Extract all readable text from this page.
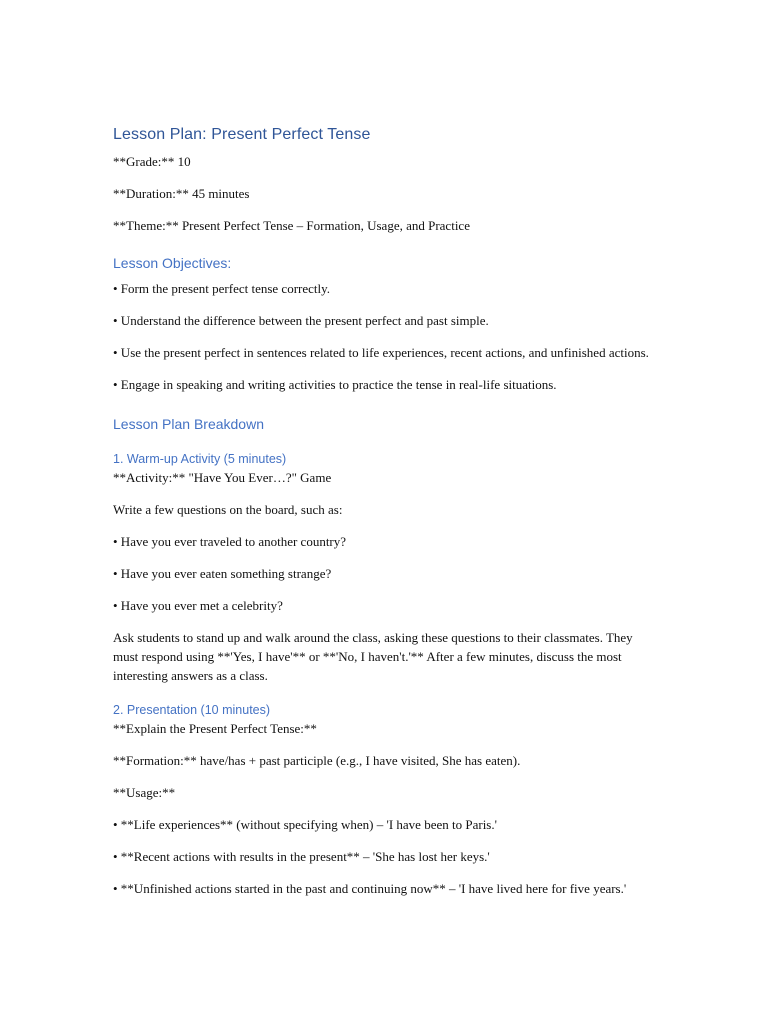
Lesson Plan: Present Perfect Tense

**Grade:** 10

**Duration:** 45 minutes

**Theme:** Present Perfect Tense – Formation, Usage, and Practice

Lesson Objectives:

• Form the present perfect tense correctly.

• Understand the difference between the present perfect and past simple.

• Use the present perfect in sentences related to life experiences, recent actions, and unfinished actions.

• Engage in speaking and writing activities to practice the tense in real-life situations.

Lesson Plan Breakdown
1. Warm-up Activity (5 minutes)

**Activity:** "Have You Ever…?" Game

Write a few questions on the board, such as:

• Have you ever traveled to another country?

• Have you ever eaten something strange?

• Have you ever met a celebrity?

Ask students to stand up and walk around the class, asking these questions to their classmates. They must respond using **'Yes, I have'** or **'No, I haven't.'** After a few minutes, discuss the most interesting answers as a class.

2. Presentation (10 minutes)

**Explain the Present Perfect Tense:**

**Formation:** have/has + past participle (e.g., I have visited, She has eaten).

**Usage:**

• **Life experiences** (without specifying when) – 'I have been to Paris.'

• **Recent actions with results in the present** – 'She has lost her keys.'

• **Unfinished actions started in the past and continuing now** – 'I have lived here for five years.'
